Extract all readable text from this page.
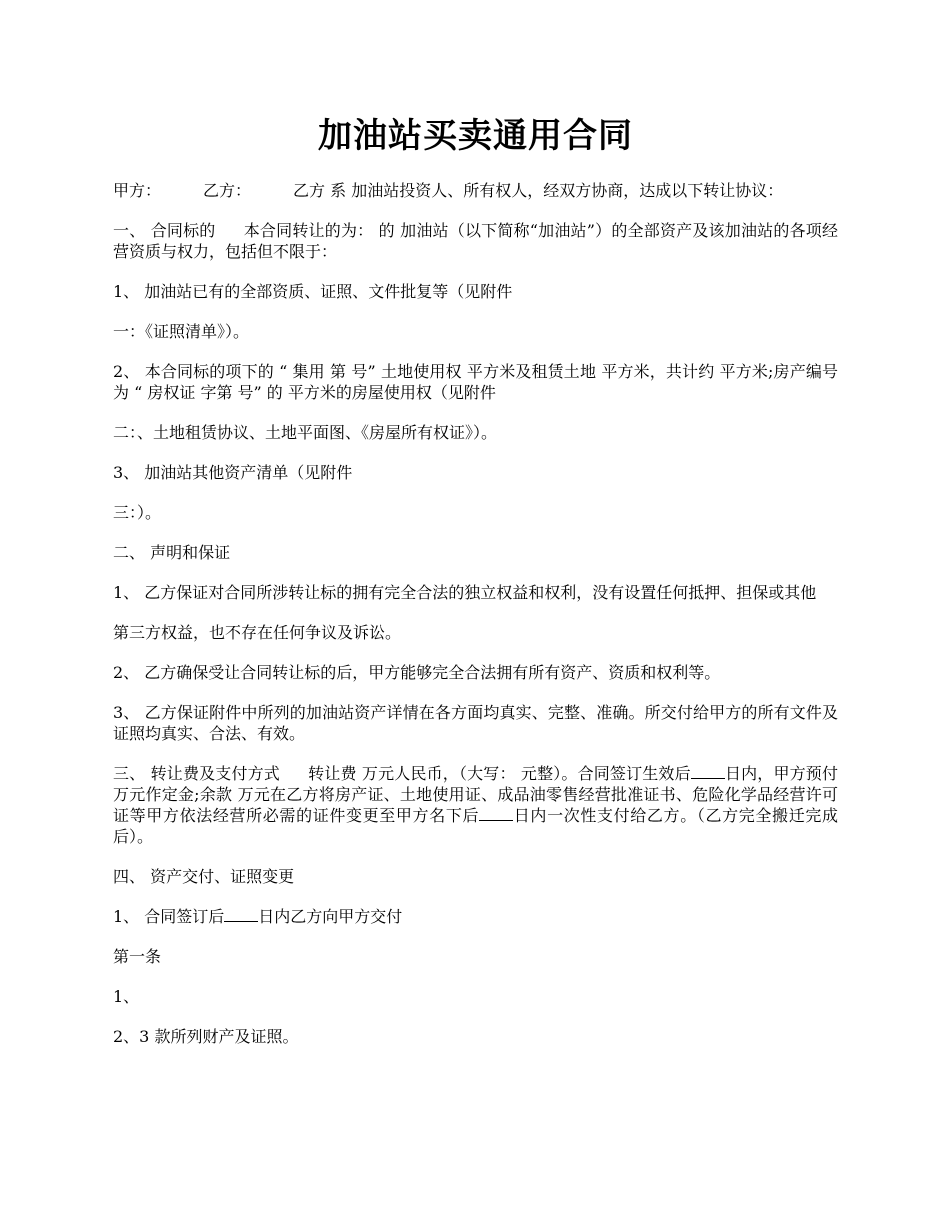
加油站买卖通用合同

甲方：	乙方：	乙方 系 加油站投资人、所有权人，经双方协商，达成以下转让协议：

一、 合同标的 本合同转让的为： 的 加油站（以下简称“加油站”）的全部资产及该加油站的各项经营资质与权力，包括但不限于：

1、 加油站已有的全部资质、证照、文件批复等（见附件

一：《证照清单》）。

2、 本合同标的项下的 “ 集用 第 号” 土地使用权 平方米及租赁土地 平方米，共计约 平方米;房产编号为 “ 房权证 字第 号” 的 平方米的房屋使用权（见附件

二：、土地租赁协议、土地平面图、《房屋所有权证》）。

3、 加油站其他资产清单（见附件

三：）。

二、 声明和保证

1、 乙方保证对合同所涉转让标的拥有完全合法的独立权益和权利，没有设置任何抵押、担保或其他

第三方权益，也不存在任何争议及诉讼。

2、 乙方确保受让合同转让标的后，甲方能够完全合法拥有所有资产、资质和权利等。

3、 乙方保证附件中所列的加油站资产详情在各方面均真实、完整、准确。所交付给甲方的所有文件及证照均真实、合法、有效。

三、 转让费及支付方式 转让费 万元人民币，（大写： 元整）。合同签订生效后 日内，甲方预付 万元作定金;余款 万元在乙方将房产证、土地使用证、成品油零售经营批准证书、危险化学品经营许可证等甲方依法经营所必需的证件变更至甲方名下后 日内一次性支付给乙方。（乙方完全搬迁完成后）。

四、 资产交付、证照变更

1、 合同签订后 日内乙方向甲方交付

第一条

1、

2、3 款所列财产及证照。
